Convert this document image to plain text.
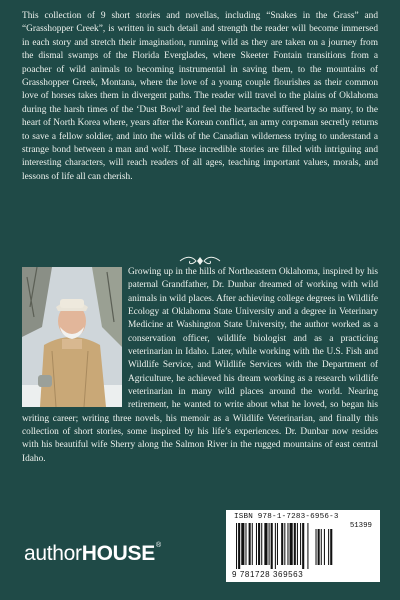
This collection of 9 short stories and novellas, including “Snakes in the Grass” and “Grasshopper Creek”, is written in such detail and strength the reader will become immersed in each story and stretch their imagination, running wild as they are taken on a journey from the dismal swamps of the Florida Everglades, where Skeeter Fontain transitions from a poacher of wild animals to becoming instrumental in saving them, to the mountains of Grasshopper Greek, Montana, where the love of a young couple flourishes as their common love of horses takes them in divergent paths. The reader will travel to the plains of Oklahoma during the harsh times of the ‘Dust Bowl’ and feel the heartache suffered by so many, to the heart of North Korea where, years after the Korean conflict, an army corpsman secretly returns to save a fellow soldier, and into the wilds of the Canadian wilderness trying to understand a strange bond between a man and wolf. These incredible stories are filled with intriguing and interesting characters, will reach readers of all ages, teaching important values, morals, and lessons of life all can cherish.

Growing up in the hills of Northeastern Oklahoma, inspired by his paternal Grandfather, Dr. Dunbar dreamed of working with wild animals in wild places. After achieving college degrees in Wildlife Ecology at Oklahoma State University and a degree in Veterinary Medicine at Washington State University, the author worked as a conservation officer, wildlife biologist and as a practicing veterinarian in Idaho. Later, while working with the U.S. Fish and Wildlife Service, and Wildlife Services with the Department of Agriculture, he achieved his dream working as a research wildlife veterinarian in many wild places around the world. Nearing retirement, he wanted to write about what he loved, so began his writing career; writing three novels, his memoir as a Wildlife Veterinarian, and finally this collection of short stories, some inspired by his life’s experiences. Dr. Dunbar now resides with his beautiful wife Sherry along the Salmon River in the rugged mountains of east central Idaho.

authorHOUSE®
ISBN 978-1-7283-6956-3
51399
9 781728 369563
